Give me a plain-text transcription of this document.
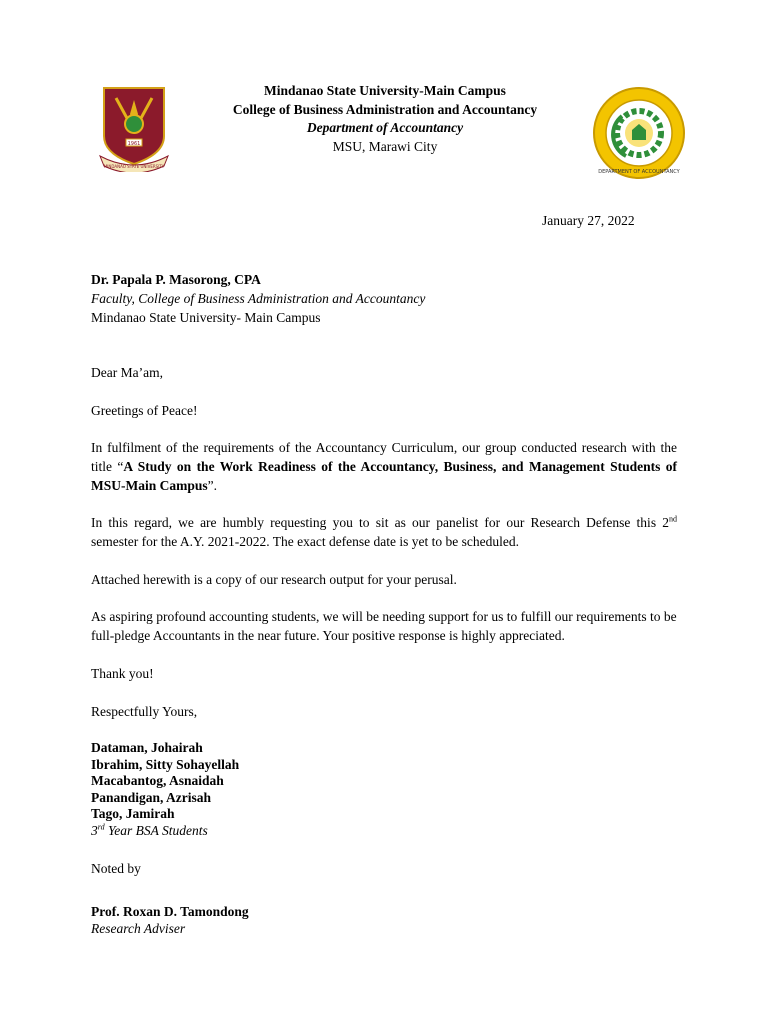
1961
MINDANAO STATE UNIVERSITY
Mindanao State University-Main Campus
College of Business Administration and Accountancy
Department of Accountancy
MSU, Marawi City
DEPARTMENT OF ACCOUNTANCY
January 27, 2022
Dr. Papala P. Masorong, CPA
Faculty, College of Business Administration and Accountancy
Mindanao State University- Main Campus
Dear Ma’am,
Greetings of Peace!
In fulfilment of the requirements of the Accountancy Curriculum, our group conducted research with the title “A Study on the Work Readiness of the Accountancy, Business, and Management Students of MSU-Main Campus”.
In this regard, we are humbly requesting you to sit as our panelist for our Research Defense this 2nd semester for the A.Y. 2021-2022. The exact defense date is yet to be scheduled.
Attached herewith is a copy of our research output for your perusal.
As aspiring profound accounting students, we will be needing support for us to fulfill our requirements to be full-pledge Accountants in the near future. Your positive response is highly appreciated.
Thank you!
Respectfully Yours,
Dataman, Johairah
Ibrahim, Sitty Sohayellah
Macabantog, Asnaidah
Panandigan, Azrisah
Tago, Jamirah
3rd Year BSA Students
Noted by
Prof. Roxan D. Tamondong
Research Adviser
